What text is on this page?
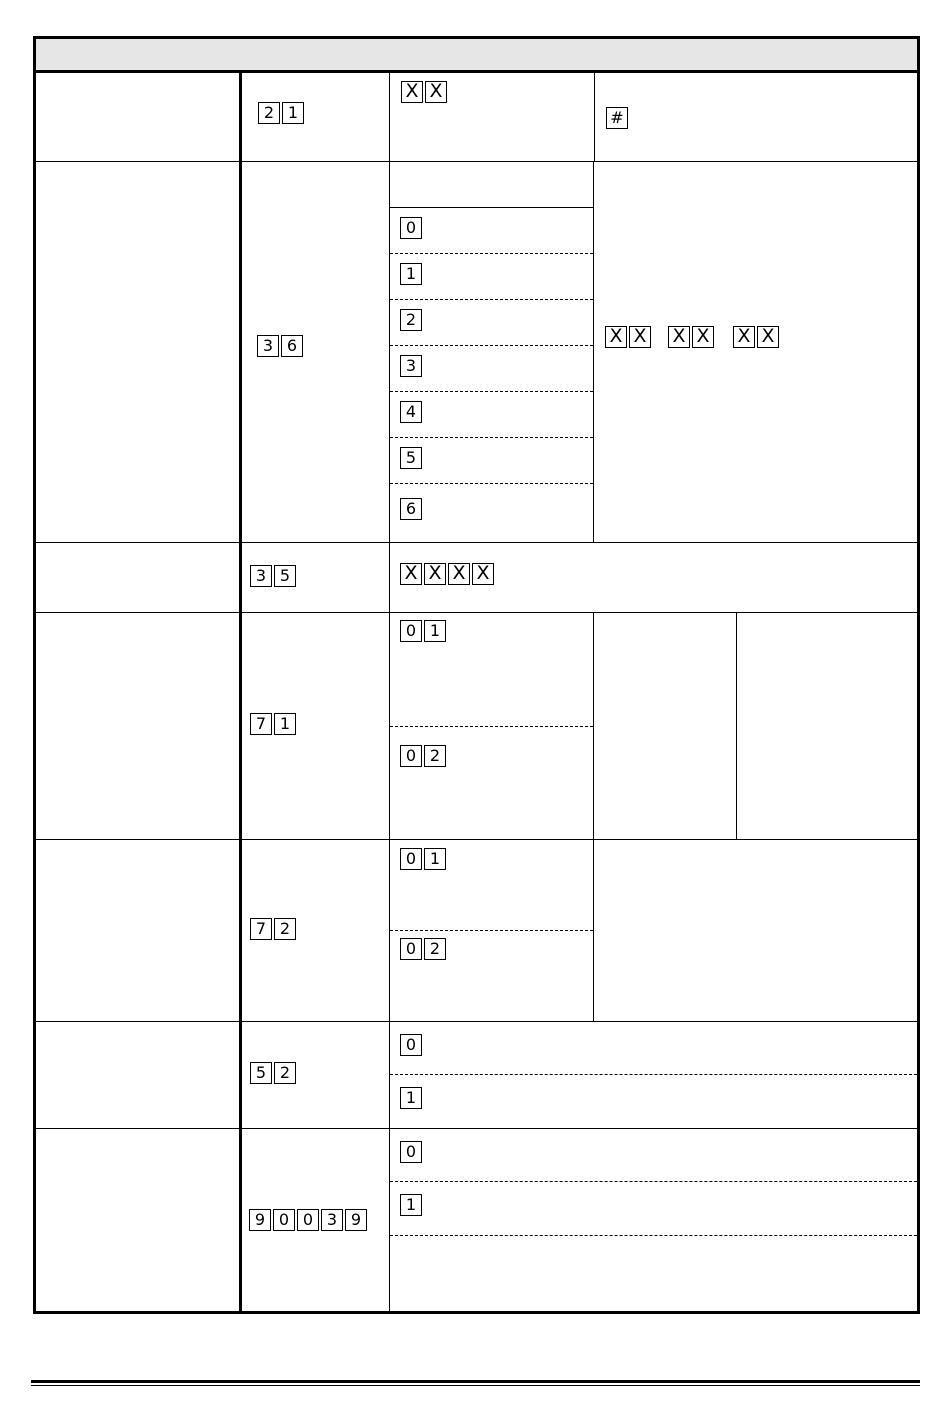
2 1
X X
#
3 6
0
1
2
3
4
5
6
X X X X X X
3 5	X X X X
7 1
0 1
0 2
7 2
0 1
0 2
5 2
0
1
9 0 0 3 9
0
1
